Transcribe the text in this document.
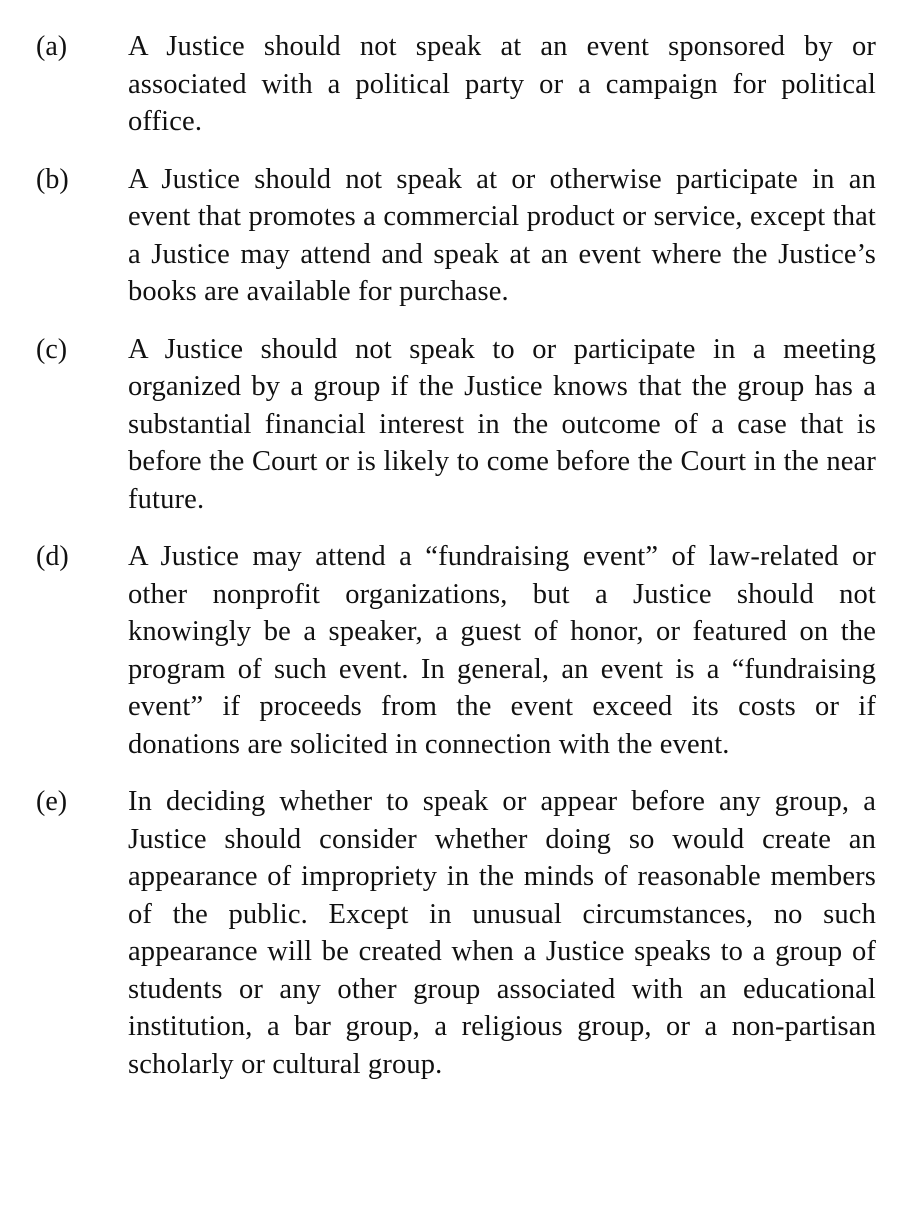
(a) A Justice should not speak at an event sponsored by or associated with a political party or a campaign for political office.
(b) A Justice should not speak at or otherwise participate in an event that promotes a commercial product or service, except that a Justice may attend and speak at an event where the Justice’s books are available for purchase.
(c) A Justice should not speak to or participate in a meeting organized by a group if the Justice knows that the group has a substantial financial interest in the outcome of a case that is before the Court or is likely to come before the Court in the near future.
(d) A Justice may attend a “fundraising event” of law-related or other nonprofit organizations, but a Justice should not knowingly be a speaker, a guest of honor, or featured on the program of such event. In general, an event is a “fundraising event” if proceeds from the event exceed its costs or if donations are solicited in connection with the event.
(e) In deciding whether to speak or appear before any group, a Justice should consider whether doing so would create an appearance of impropriety in the minds of reasonable members of the public. Except in unusual circumstances, no such appearance will be created when a Justice speaks to a group of students or any other group associated with an educational institution, a bar group, a religious group, or a non-partisan scholarly or cultural group.
